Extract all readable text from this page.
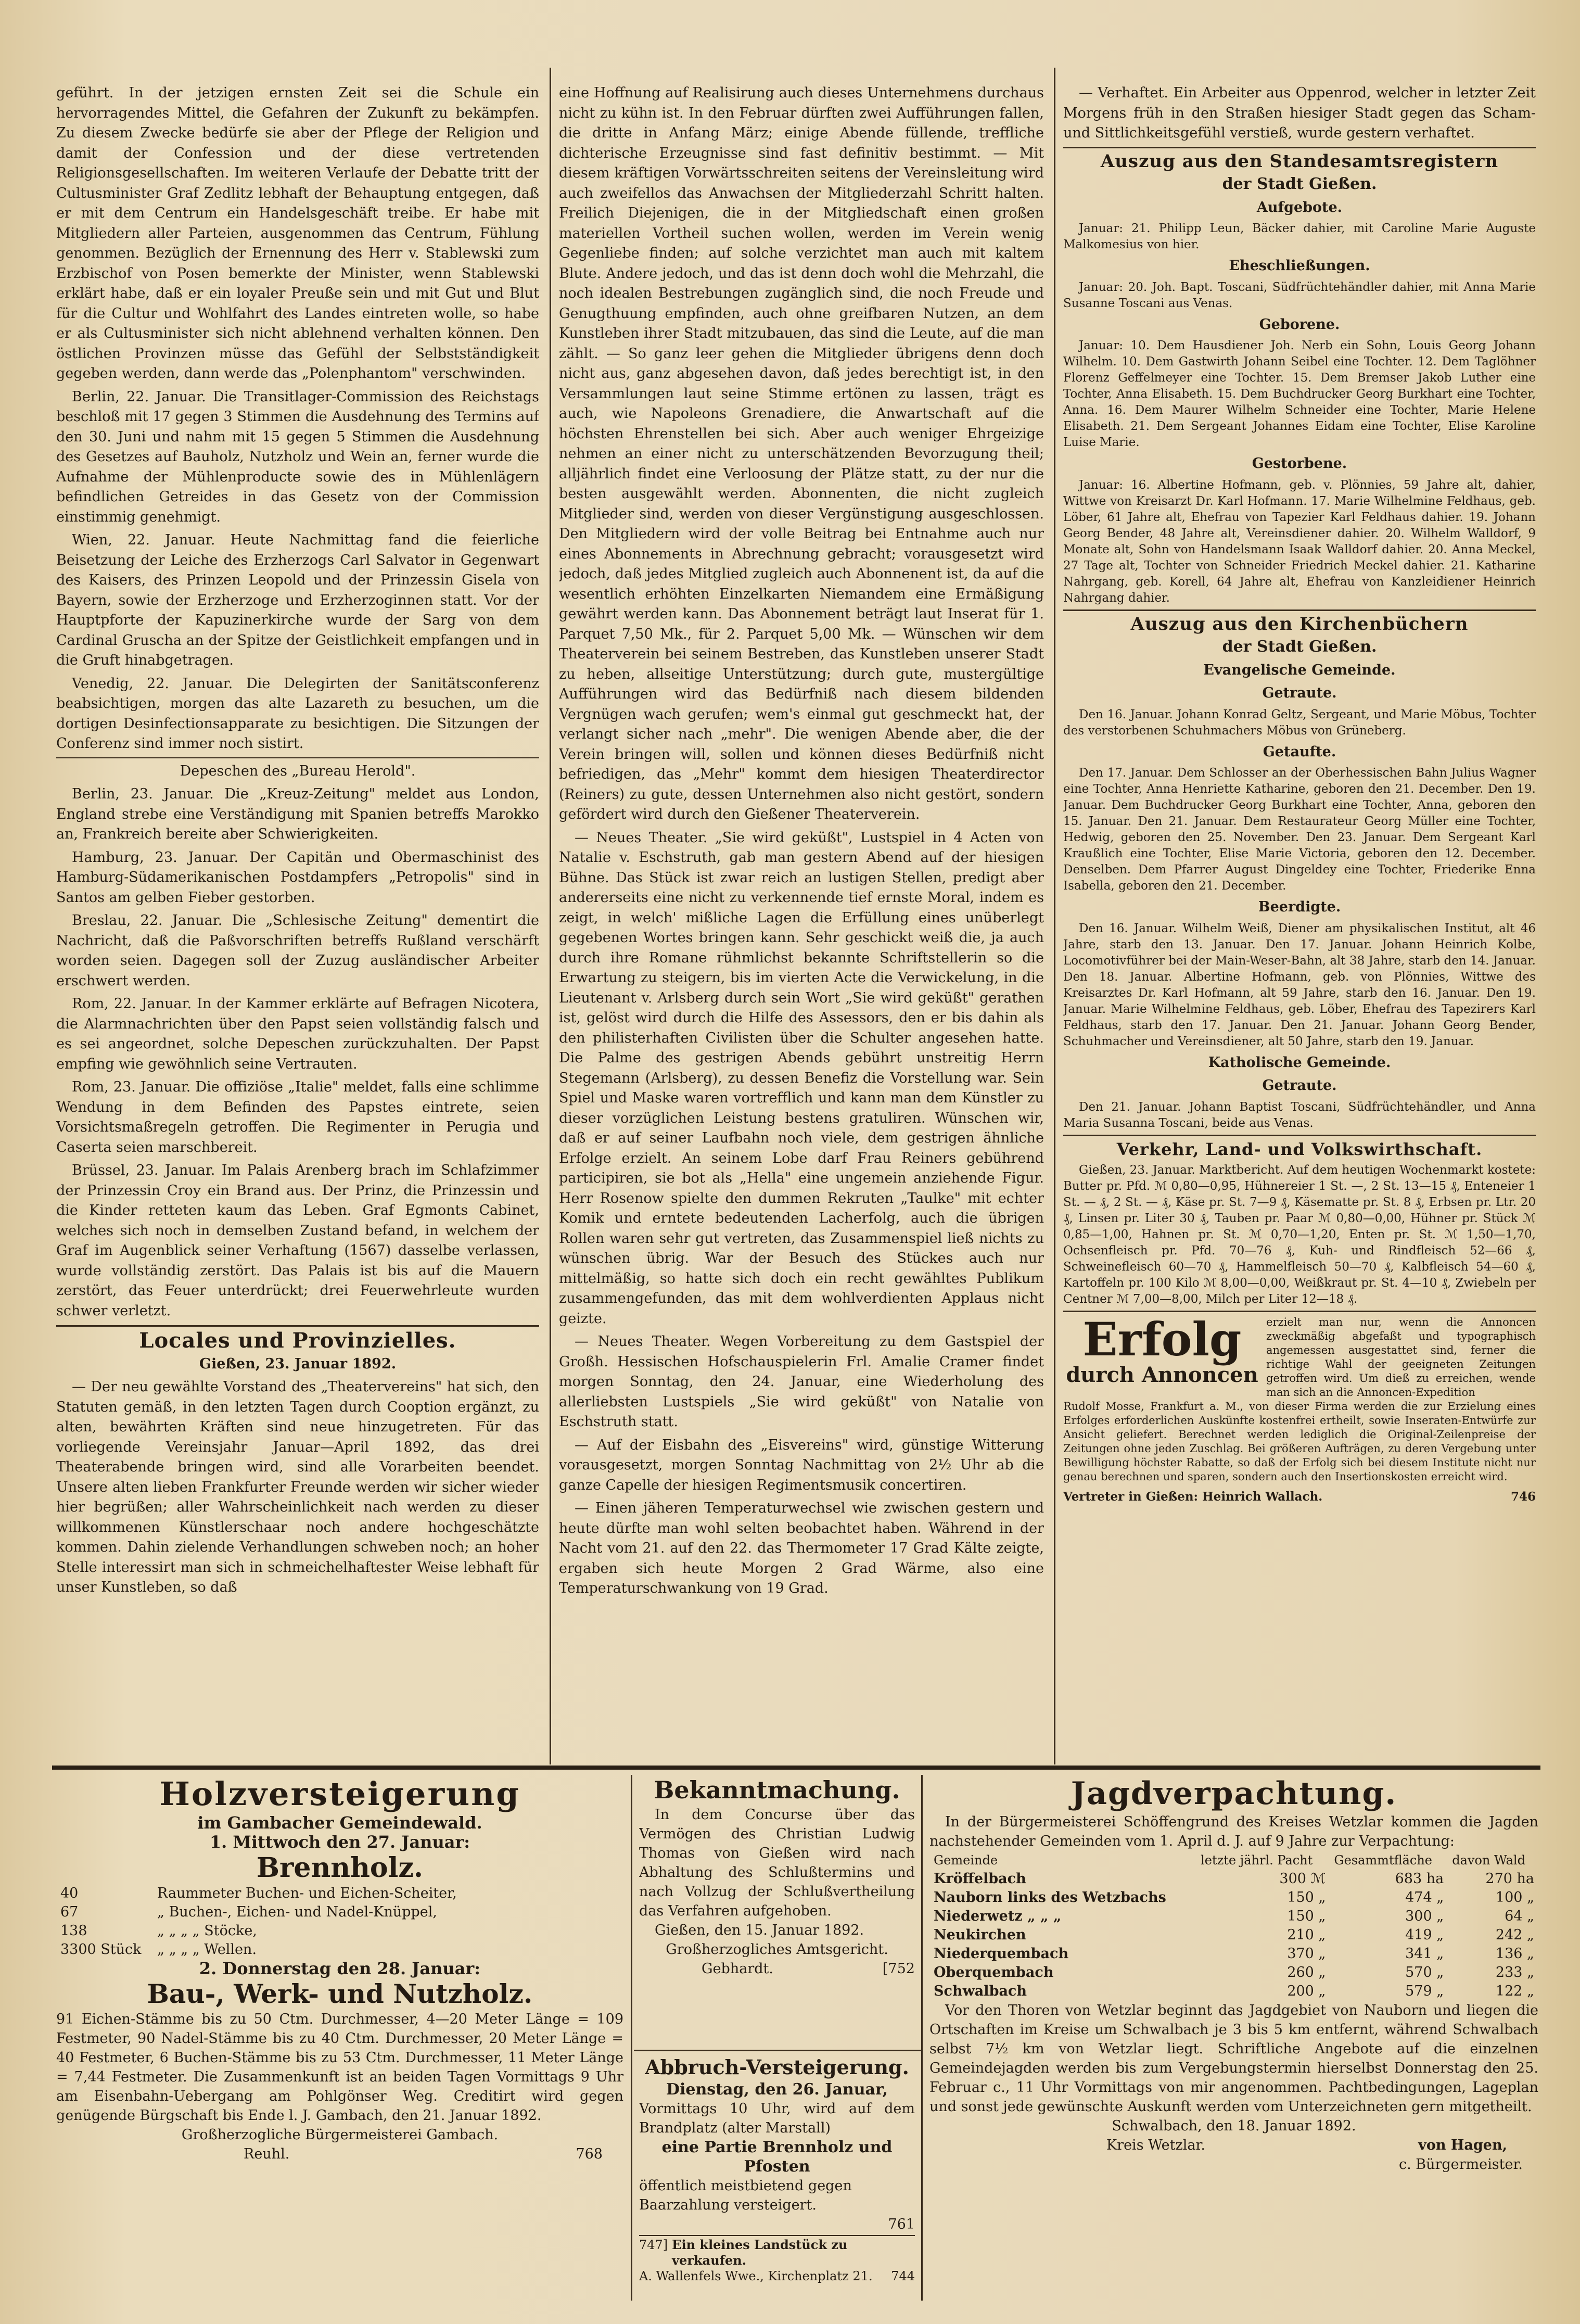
geführt. In der jetzigen ernsten Zeit sei die Schule ein hervorragendes Mittel, die Gefahren der Zukunft zu bekämpfen. Zu diesem Zwecke bedürfe sie aber der Pflege der Religion und damit der Confession und der diese vertretenden Religionsgesellschaften. Im weiteren Verlaufe der Debatte tritt der Cultusminister Graf Zedlitz lebhaft der Behauptung entgegen, daß er mit dem Centrum ein Handelsgeschäft treibe. Er habe mit Mitgliedern aller Parteien, ausgenommen das Centrum, Fühlung genommen. Bezüglich der Ernennung des Herr v. Stablewski zum Erzbischof von Posen bemerkte der Minister, wenn Stablewski erklärt habe, daß er ein loyaler Preuße sein und mit Gut und Blut für die Cultur und Wohlfahrt des Landes eintreten wolle, so habe er als Cultusminister sich nicht ablehnend verhalten können. Den östlichen Provinzen müsse das Gefühl der Selbstständigkeit gegeben werden, dann werde das „Polenphantom" verschwinden.

Berlin, 22. Januar. Die Transitlager-Commission des Reichstags beschloß mit 17 gegen 3 Stimmen die Ausdehnung des Termins auf den 30. Juni und nahm mit 15 gegen 5 Stimmen die Ausdehnung des Gesetzes auf Bauholz, Nutzholz und Wein an, ferner wurde die Aufnahme der Mühlenproducte sowie des in Mühlenlägern befindlichen Getreides in das Gesetz von der Commission einstimmig genehmigt.

Wien, 22. Januar. Heute Nachmittag fand die feierliche Beisetzung der Leiche des Erzherzogs Carl Salvator in Gegenwart des Kaisers, des Prinzen Leopold und der Prinzessin Gisela von Bayern, sowie der Erzherzoge und Erzherzoginnen statt. Vor der Hauptpforte der Kapuzinerkirche wurde der Sarg von dem Cardinal Gruscha an der Spitze der Geistlichkeit empfangen und in die Gruft hinabgetragen.

Venedig, 22. Januar. Die Delegirten der Sanitätsconferenz beabsichtigen, morgen das alte Lazareth zu besuchen, um die dortigen Desinfectionsapparate zu besichtigen. Die Sitzungen der Conferenz sind immer noch sistirt.

Depeschen des „Bureau Herold".

Berlin, 23. Januar. Die „Kreuz-Zeitung" meldet aus London, England strebe eine Verständigung mit Spanien betreffs Marokko an, Frankreich bereite aber Schwierigkeiten.

Hamburg, 23. Januar. Der Capitän und Obermaschinist des Hamburg-Südamerikanischen Postdampfers „Petropolis" sind in Santos am gelben Fieber gestorben.

Breslau, 22. Januar. Die „Schlesische Zeitung" dementirt die Nachricht, daß die Paßvorschriften betreffs Rußland verschärft worden seien. Dagegen soll der Zuzug ausländischer Arbeiter erschwert werden.

Rom, 22. Januar. In der Kammer erklärte auf Befragen Nicotera, die Alarmnachrichten über den Papst seien vollständig falsch und es sei angeordnet, solche Depeschen zurückzuhalten. Der Papst empfing wie gewöhnlich seine Vertrauten.

Rom, 23. Januar. Die offiziöse „Italie" meldet, falls eine schlimme Wendung in dem Befinden des Papstes eintrete, seien Vorsichtsmaßregeln getroffen. Die Regimenter in Perugia und Caserta seien marschbereit.

Brüssel, 23. Januar. Im Palais Arenberg brach im Schlafzimmer der Prinzessin Croy ein Brand aus. Der Prinz, die Prinzessin und die Kinder retteten kaum das Leben. Graf Egmonts Cabinet, welches sich noch in demselben Zustand befand, in welchem der Graf im Augenblick seiner Verhaftung (1567) dasselbe verlassen, wurde vollständig zerstört. Das Palais ist bis auf die Mauern zerstört, das Feuer unterdrückt; drei Feuerwehrleute wurden schwer verletzt.

Locales und Provinzielles.

Gießen, 23. Januar 1892.

— Der neu gewählte Vorstand des „Theatervereins" hat sich, den Statuten gemäß, in den letzten Tagen durch Cooption ergänzt, zu alten, bewährten Kräften sind neue hinzugetreten. Für das vorliegende Vereinsjahr Januar—April 1892, das drei Theaterabende bringen wird, sind alle Vorarbeiten beendet. Unsere alten lieben Frankfurter Freunde werden wir sicher wieder hier begrüßen; aller Wahrscheinlichkeit nach werden zu dieser willkommenen Künstlerschaar noch andere hochgeschätzte kommen. Dahin zielende Verhandlungen schweben noch; an hoher Stelle interessirt man sich in schmeichelhaftester Weise lebhaft für unser Kunstleben, so daß

eine Hoffnung auf Realisirung auch dieses Unternehmens durchaus nicht zu kühn ist. In den Februar dürften zwei Aufführungen fallen, die dritte in Anfang März; einige Abende füllende, treffliche dichterische Erzeugnisse sind fast definitiv bestimmt. — Mit diesem kräftigen Vorwärtsschreiten seitens der Vereinsleitung wird auch zweifellos das Anwachsen der Mitgliederzahl Schritt halten. Freilich Diejenigen, die in der Mitgliedschaft einen großen materiellen Vortheil suchen wollen, werden im Verein wenig Gegenliebe finden; auf solche verzichtet man auch mit kaltem Blute. Andere jedoch, und das ist denn doch wohl die Mehrzahl, die noch idealen Bestrebungen zugänglich sind, die noch Freude und Genugthuung empfinden, auch ohne greifbaren Nutzen, an dem Kunstleben ihrer Stadt mitzubauen, das sind die Leute, auf die man zählt. — So ganz leer gehen die Mitglieder übrigens denn doch nicht aus, ganz abgesehen davon, daß jedes berechtigt ist, in den Versammlungen laut seine Stimme ertönen zu lassen, trägt es auch, wie Napoleons Grenadiere, die Anwartschaft auf die höchsten Ehrenstellen bei sich. Aber auch weniger Ehrgeizige nehmen an einer nicht zu unterschätzenden Bevorzugung theil; alljährlich findet eine Verloosung der Plätze statt, zu der nur die besten ausgewählt werden. Abonnenten, die nicht zugleich Mitglieder sind, werden von dieser Vergünstigung ausgeschlossen. Den Mitgliedern wird der volle Beitrag bei Entnahme auch nur eines Abonnements in Abrechnung gebracht; vorausgesetzt wird jedoch, daß jedes Mitglied zugleich auch Abonnenent ist, da auf die wesentlich erhöhten Einzelkarten Niemandem eine Ermäßigung gewährt werden kann. Das Abonnement beträgt laut Inserat für 1. Parquet 7,50 Mk., für 2. Parquet 5,00 Mk. — Wünschen wir dem Theaterverein bei seinem Bestreben, das Kunstleben unserer Stadt zu heben, allseitige Unterstützung; durch gute, mustergültige Aufführungen wird das Bedürfniß nach diesem bildenden Vergnügen wach gerufen; wem's einmal gut geschmeckt hat, der verlangt sicher nach „mehr". Die wenigen Abende aber, die der Verein bringen will, sollen und können dieses Bedürfniß nicht befriedigen, das „Mehr" kommt dem hiesigen Theaterdirector (Reiners) zu gute, dessen Unternehmen also nicht gestört, sondern gefördert wird durch den Gießener Theaterverein.

— Neues Theater. „Sie wird geküßt", Lustspiel in 4 Acten von Natalie v. Eschstruth, gab man gestern Abend auf der hiesigen Bühne. Das Stück ist zwar reich an lustigen Stellen, predigt aber andererseits eine nicht zu verkennende tief ernste Moral, indem es zeigt, in welch' mißliche Lagen die Erfüllung eines unüberlegt gegebenen Wortes bringen kann. Sehr geschickt weiß die, ja auch durch ihre Romane rühmlichst bekannte Schriftstellerin so die Erwartung zu steigern, bis im vierten Acte die Verwickelung, in die Lieutenant v. Arlsberg durch sein Wort „Sie wird geküßt" gerathen ist, gelöst wird durch die Hilfe des Assessors, den er bis dahin als den philisterhaften Civilisten über die Schulter angesehen hatte. Die Palme des gestrigen Abends gebührt unstreitig Herrn Stegemann (Arlsberg), zu dessen Benefiz die Vorstellung war. Sein Spiel und Maske waren vortrefflich und kann man dem Künstler zu dieser vorzüglichen Leistung bestens gratuliren. Wünschen wir, daß er auf seiner Laufbahn noch viele, dem gestrigen ähnliche Erfolge erzielt. An seinem Lobe darf Frau Reiners gebührend participiren, sie bot als „Hella" eine ungemein anziehende Figur. Herr Rosenow spielte den dummen Rekruten „Taulke" mit echter Komik und erntete bedeutenden Lacherfolg, auch die übrigen Rollen waren sehr gut vertreten, das Zusammenspiel ließ nichts zu wünschen übrig. War der Besuch des Stückes auch nur mittelmäßig, so hatte sich doch ein recht gewähltes Publikum zusammengefunden, das mit dem wohlverdienten Applaus nicht geizte.

— Neues Theater. Wegen Vorbereitung zu dem Gastspiel der Großh. Hessischen Hofschauspielerin Frl. Amalie Cramer findet morgen Sonntag, den 24. Januar, eine Wiederholung des allerliebsten Lustspiels „Sie wird geküßt" von Natalie von Eschstruth statt.

— Auf der Eisbahn des „Eisvereins" wird, günstige Witterung vorausgesetzt, morgen Sonntag Nachmittag von 2½ Uhr ab die ganze Capelle der hiesigen Regimentsmusik concertiren.

— Einen jäheren Temperaturwechsel wie zwischen gestern und heute dürfte man wohl selten beobachtet haben. Während in der Nacht vom 21. auf den 22. das Thermometer 17 Grad Kälte zeigte, ergaben sich heute Morgen 2 Grad Wärme, also eine Temperaturschwankung von 19 Grad.

— Verhaftet. Ein Arbeiter aus Oppenrod, welcher in letzter Zeit Morgens früh in den Straßen hiesiger Stadt gegen das Scham- und Sittlichkeitsgefühl verstieß, wurde gestern verhaftet.

Auszug aus den Standesamtsregistern

der Stadt Gießen.

Aufgebote.

Januar: 21. Philipp Leun, Bäcker dahier, mit Caroline Marie Auguste Malkomesius von hier.

Eheschließungen.

Januar: 20. Joh. Bapt. Toscani, Südfrüchtehändler dahier, mit Anna Marie Susanne Toscani aus Venas.

Geborene.

Januar: 10. Dem Hausdiener Joh. Nerb ein Sohn, Louis Georg Johann Wilhelm. 10. Dem Gastwirth Johann Seibel eine Tochter. 12. Dem Taglöhner Florenz Geffelmeyer eine Tochter. 15. Dem Bremser Jakob Luther eine Tochter, Anna Elisabeth. 15. Dem Buchdrucker Georg Burkhart eine Tochter, Anna. 16. Dem Maurer Wilhelm Schneider eine Tochter, Marie Helene Elisabeth. 21. Dem Sergeant Johannes Eidam eine Tochter, Elise Karoline Luise Marie.

Gestorbene.

Januar: 16. Albertine Hofmann, geb. v. Plönnies, 59 Jahre alt, dahier, Wittwe von Kreisarzt Dr. Karl Hofmann. 17. Marie Wilhelmine Feldhaus, geb. Löber, 61 Jahre alt, Ehefrau von Tapezier Karl Feldhaus dahier. 19. Johann Georg Bender, 48 Jahre alt, Vereinsdiener dahier. 20. Wilhelm Walldorf, 9 Monate alt, Sohn von Handelsmann Isaak Walldorf dahier. 20. Anna Meckel, 27 Tage alt, Tochter von Schneider Friedrich Meckel dahier. 21. Katharine Nahrgang, geb. Korell, 64 Jahre alt, Ehefrau von Kanzleidiener Heinrich Nahrgang dahier.

Auszug aus den Kirchenbüchern

der Stadt Gießen.

Evangelische Gemeinde.

Getraute.

Den 16. Januar. Johann Konrad Geltz, Sergeant, und Marie Möbus, Tochter des verstorbenen Schuhmachers Möbus von Grüneberg.

Getaufte.

Den 17. Januar. Dem Schlosser an der Oberhessischen Bahn Julius Wagner eine Tochter, Anna Henriette Katharine, geboren den 21. December. Den 19. Januar. Dem Buchdrucker Georg Burkhart eine Tochter, Anna, geboren den 15. Januar. Den 21. Januar. Dem Restaurateur Georg Müller eine Tochter, Hedwig, geboren den 25. November. Den 23. Januar. Dem Sergeant Karl Kraußlich eine Tochter, Elise Marie Victoria, geboren den 12. December. Denselben. Dem Pfarrer August Dingeldey eine Tochter, Friederike Enna Isabella, geboren den 21. December.

Beerdigte.

Den 16. Januar. Wilhelm Weiß, Diener am physikalischen Institut, alt 46 Jahre, starb den 13. Januar. Den 17. Januar. Johann Heinrich Kolbe, Locomotivführer bei der Main-Weser-Bahn, alt 38 Jahre, starb den 14. Januar. Den 18. Januar. Albertine Hofmann, geb. von Plönnies, Wittwe des Kreisarztes Dr. Karl Hofmann, alt 59 Jahre, starb den 16. Januar. Den 19. Januar. Marie Wilhelmine Feldhaus, geb. Löber, Ehefrau des Tapezirers Karl Feldhaus, starb den 17. Januar. Den 21. Januar. Johann Georg Bender, Schuhmacher und Vereinsdiener, alt 50 Jahre, starb den 19. Januar.

Katholische Gemeinde.

Getraute.

Den 21. Januar. Johann Baptist Toscani, Südfrüchtehändler, und Anna Maria Susanna Toscani, beide aus Venas.

Verkehr, Land- und Volkswirthschaft.

Gießen, 23. Januar. Marktbericht. Auf dem heutigen Wochenmarkt kostete: Butter pr. Pfd. ℳ 0,80—0,95, Hühnereier 1 St. —, 2 St. 13—15 ₰, Enteneier 1 St. — ₰, 2 St. — ₰, Käse pr. St. 7—9 ₰, Käsematte pr. St. 8 ₰, Erbsen pr. Ltr. 20 ₰, Linsen pr. Liter 30 ₰, Tauben pr. Paar ℳ 0,80—0,00, Hühner pr. Stück ℳ 0,85—1,00, Hahnen pr. St. ℳ 0,70—1,20, Enten pr. St. ℳ 1,50—1,70, Ochsenfleisch pr. Pfd. 70—76 ₰, Kuh- und Rindfleisch 52—66 ₰, Schweinefleisch 60—70 ₰, Hammelfleisch 50—70 ₰, Kalbfleisch 54—60 ₰, Kartoffeln pr. 100 Kilo ℳ 8,00—0,00, Weißkraut pr. St. 4—10 ₰, Zwiebeln per Centner ℳ 7,00—8,00, Milch per Liter 12—18 ₰.

Erfolg
durch Annoncen
erzielt man nur, wenn die Annoncen zweckmäßig abgefaßt und typographisch angemessen ausgestattet sind, ferner die richtige Wahl der geeigneten Zeitungen getroffen wird. Um dieß zu erreichen, wende man sich an die Annoncen-Expedition

Rudolf Mosse, Frankfurt a. M., von dieser Firma werden die zur Erzielung eines Erfolges erforderlichen Auskünfte kostenfrei ertheilt, sowie Inseraten-Entwürfe zur Ansicht geliefert. Berechnet werden lediglich die Original-Zeilenpreise der Zeitungen ohne jeden Zuschlag. Bei größeren Aufträgen, zu deren Vergebung unter Bewilligung höchster Rabatte, so daß der Erfolg sich bei diesem Institute nicht nur genau berechnen und sparen, sondern auch den Insertionskosten erreicht wird.

Vertreter in Gießen: Heinrich Wallach.	746
Holzversteigerung
im Gambacher Gemeindewald.
1. Mittwoch den 27. Januar:
Brennholz.
40	Raummeter Buchen- und Eichen-Scheiter,
67	„ Buchen-, Eichen- und Nadel-Knüppel,
138	„ „ „ „ Stöcke,
3300 Stück	„ „ „ „ Wellen.
2. Donnerstag den 28. Januar:
Bau-, Werk- und Nutzholz.
91 Eichen-Stämme bis zu 50 Ctm. Durchmesser, 4—20 Meter Länge = 109 Festmeter, 90 Nadel-Stämme bis zu 40 Ctm. Durchmesser, 20 Meter Länge = 40 Festmeter, 6 Buchen-Stämme bis zu 53 Ctm. Durchmesser, 11 Meter Länge = 7,44 Festmeter. Die Zusammenkunft ist an beiden Tagen Vormittags 9 Uhr am Eisenbahn-Uebergang am Pohlgönser Weg. Creditirt wird gegen genügende Bürgschaft bis Ende l. J. Gambach, den 21. Januar 1892.
Großherzogliche Bürgermeisterei Gambach.
Reuhl.	768
Bekanntmachung.
In dem Concurse über das Vermögen des Christian Ludwig Thomas von Gießen wird nach Abhaltung des Schlußtermins und nach Vollzug der Schlußvertheilung das Verfahren aufgehoben.
Gießen, den 15. Januar 1892.
Großherzogliches Amtsgericht.
Gebhardt.	[752
Abbruch-Versteigerung.
Dienstag, den 26. Januar,
Vormittags 10 Uhr, wird auf dem Brandplatz (alter Marstall)
eine Partie Brennholz und Pfosten
öffentlich meistbietend gegen Baarzahlung versteigert.
761
747] Ein kleines Landstück zu verkaufen.
A. Wallenfels Wwe., Kirchenplatz 21. 744
Jagdverpachtung.
In der Bürgermeisterei Schöffengrund des Kreises Wetzlar kommen die Jagden nachstehender Gemeinden vom 1. April d. J. auf 9 Jahre zur Verpachtung:
Gemeinde	letzte jährl. Pacht	Gesammtfläche	davon Wald
Kröffelbach	300 ℳ	683 ha	270 ha
Nauborn links des Wetzbachs	150 „	474 „	100 „
Niederwetz „ „ „	150 „	300 „	64 „
Neukirchen	210 „	419 „	242 „
Niederquembach	370 „	341 „	136 „
Oberquembach	260 „	570 „	233 „
Schwalbach	200 „	579 „	122 „
Vor den Thoren von Wetzlar beginnt das Jagdgebiet von Nauborn und liegen die Ortschaften im Kreise um Schwalbach je 3 bis 5 km entfernt, während Schwalbach selbst 7½ km von Wetzlar liegt. Schriftliche Angebote auf die einzelnen Gemeindejagden werden bis zum Vergebungstermin hierselbst Donnerstag den 25. Februar c., 11 Uhr Vormittags von mir angenommen. Pachtbedingungen, Lageplan und sonst jede gewünschte Auskunft werden vom Unterzeichneten gern mitgetheilt.
Schwalbach, den 18. Januar 1892.
Kreis Wetzlar.	von Hagen,
c. Bürgermeister.
